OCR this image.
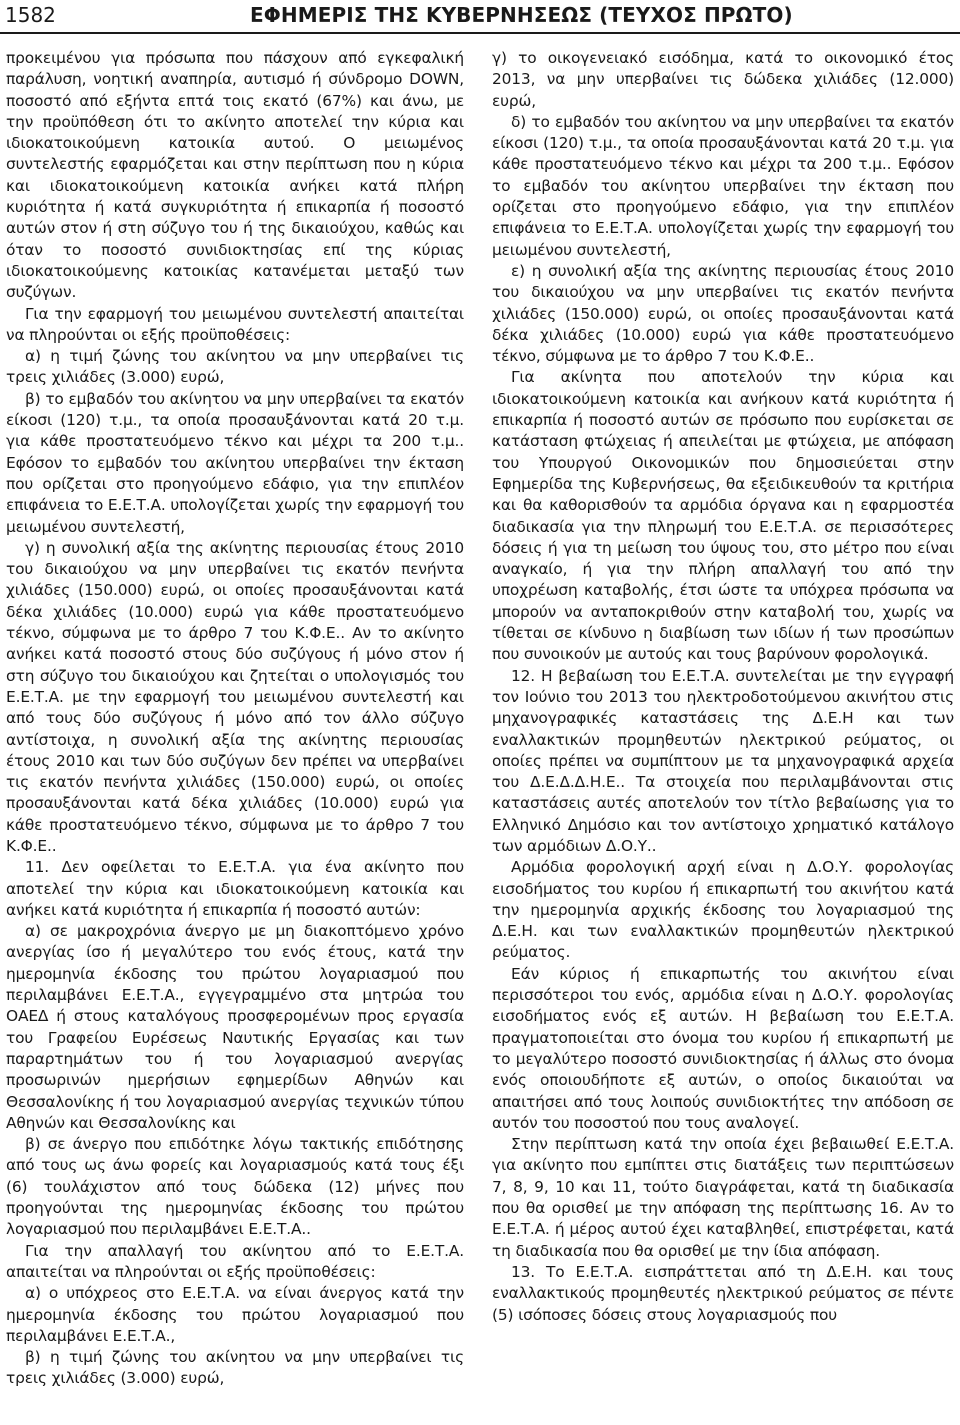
1582	ΕΦΗΜΕΡΙΣ ΤΗΣ ΚΥΒΕΡΝΗΣΕΩΣ (ΤΕΥΧΟΣ ΠΡΩΤΟ)

προκειμένου για πρόσωπα που πάσχουν από εγκεφαλική παράλυση, νοητική αναπηρία, αυτισμό ή σύνδρομο DOWN, ποσοστό από εξήντα επτά τοις εκατό (67%) και άνω, με την προϋπόθεση ότι το ακίνητο αποτελεί την κύρια και ιδιοκατοικούμενη κατοικία αυτού. Ο μειωμένος συντελεστής εφαρμόζεται και στην περίπτωση που η κύρια και ιδιοκατοικούμενη κατοικία ανήκει κατά πλήρη κυριότητα ή κατά συγκυριότητα ή επικαρπία ή ποσοστό αυτών στον ή στη σύζυγο του ή της δικαιούχου, καθώς και όταν το ποσοστό συνιδιοκτησίας επί της κύριας ιδιοκατοικούμενης κατοικίας κατανέμεται μεταξύ των συζύγων.

Για την εφαρμογή του μειωμένου συντελεστή απαιτείται να πληρούνται οι εξής προϋποθέσεις:

α) η τιμή ζώνης του ακίνητου να μην υπερβαίνει τις τρεις χιλιάδες (3.000) ευρώ,

β) το εμβαδόν του ακίνητου να μην υπερβαίνει τα εκατόν είκοσι (120) τ.μ., τα οποία προσαυξάνονται κατά 20 τ.μ. για κάθε προστατευόμενο τέκνο και μέχρι τα 200 τ.μ.. Εφόσον το εμβαδόν του ακίνητου υπερβαίνει την έκταση που ορίζεται στο προηγούμενο εδάφιο, για την επιπλέον επιφάνεια το Ε.Ε.Τ.Α. υπολογίζεται χωρίς την εφαρμογή του μειωμένου συντελεστή,

γ) η συνολική αξία της ακίνητης περιουσίας έτους 2010 του δικαιούχου να μην υπερβαίνει τις εκατόν πενήντα χιλιάδες (150.000) ευρώ, οι οποίες προσαυξάνονται κατά δέκα χιλιάδες (10.000) ευρώ για κάθε προστατευόμενο τέκνο, σύμφωνα με το άρθρο 7 του Κ.Φ.Ε.. Αν το ακίνητο ανήκει κατά ποσοστό στους δύο συζύγους ή μόνο στον ή στη σύζυγο του δικαιούχου και ζητείται ο υπολογισμός του Ε.Ε.Τ.Α. με την εφαρμογή του μειωμένου συντελεστή και από τους δύο συζύγους ή μόνο από τον άλλο σύζυγο αντίστοιχα, η συνολική αξία της ακίνητης περιουσίας έτους 2010 και των δύο συζύγων δεν πρέπει να υπερβαίνει τις εκατόν πενήντα χιλιάδες (150.000) ευρώ, οι οποίες προσαυξάνονται κατά δέκα χιλιάδες (10.000) ευρώ για κάθε προστατευόμενο τέκνο, σύμφωνα με το άρθρο 7 του Κ.Φ.Ε..

11. Δεν οφείλεται το Ε.Ε.Τ.Α. για ένα ακίνητο που αποτελεί την κύρια και ιδιοκατοικούμενη κατοικία και ανήκει κατά κυριότητα ή επικαρπία ή ποσοστό αυτών:

α) σε μακροχρόνια άνεργο με μη διακοπτόμενο χρόνο ανεργίας ίσο ή μεγαλύτερο του ενός έτους, κατά την ημερομηνία έκδοσης του πρώτου λογαριασμού που περιλαμβάνει Ε.Ε.Τ.Α., εγγεγραμμένο στα μητρώα του ΟΑΕΔ ή στους καταλόγους προσφερομένων προς εργασία του Γραφείου Ευρέσεως Ναυτικής Εργασίας και των παραρτημάτων του ή του λογαριασμού ανεργίας προσωρινών ημερήσιων εφημερίδων Αθηνών και Θεσσαλονίκης ή του λογαριασμού ανεργίας τεχνικών τύπου Αθηνών και Θεσσαλονίκης και

β) σε άνεργο που επιδότηκε λόγω τακτικής επιδότησης από τους ως άνω φορείς και λογαριασμούς κατά τους έξι (6) τουλάχιστον από τους δώδεκα (12) μήνες που προηγούνται της ημερομηνίας έκδοσης του πρώτου λογαριασμού που περιλαμβάνει Ε.Ε.Τ.Α..

Για την απαλλαγή του ακίνητου από το Ε.Ε.Τ.Α. απαιτείται να πληρούνται οι εξής προϋποθέσεις:

α) ο υπόχρεος στο Ε.Ε.Τ.Α. να είναι άνεργος κατά την ημερομηνία έκδοσης του πρώτου λογαριασμού που περιλαμβάνει Ε.Ε.Τ.Α.,

β) η τιμή ζώνης του ακίνητου να μην υπερβαίνει τις τρεις χιλιάδες (3.000) ευρώ,

γ) το οικογενειακό εισόδημα, κατά το οικονομικό έτος 2013, να μην υπερβαίνει τις δώδεκα χιλιάδες (12.000) ευρώ,

δ) το εμβαδόν του ακίνητου να μην υπερβαίνει τα εκατόν είκοσι (120) τ.μ., τα οποία προσαυξάνονται κατά 20 τ.μ. για κάθε προστατευόμενο τέκνο και μέχρι τα 200 τ.μ.. Εφόσον το εμβαδόν του ακίνητου υπερβαίνει την έκταση που ορίζεται στο προηγούμενο εδάφιο, για την επιπλέον επιφάνεια το Ε.Ε.Τ.Α. υπολογίζεται χωρίς την εφαρμογή του μειωμένου συντελεστή,

ε) η συνολική αξία της ακίνητης περιουσίας έτους 2010 του δικαιούχου να μην υπερβαίνει τις εκατόν πενήντα χιλιάδες (150.000) ευρώ, οι οποίες προσαυξάνονται κατά δέκα χιλιάδες (10.000) ευρώ για κάθε προστατευόμενο τέκνο, σύμφωνα με το άρθρο 7 του Κ.Φ.Ε..

Για ακίνητα που αποτελούν την κύρια και ιδιοκατοικούμενη κατοικία και ανήκουν κατά κυριότητα ή επικαρπία ή ποσοστό αυτών σε πρόσωπο που ευρίσκεται σε κατάσταση φτώχειας ή απειλείται με φτώχεια, με απόφαση του Υπουργού Οικονομικών που δημοσιεύεται στην Εφημερίδα της Κυβερνήσεως, θα εξειδικευθούν τα κριτήρια και θα καθορισθούν τα αρμόδια όργανα και η εφαρμοστέα διαδικασία για την πληρωμή του Ε.Ε.Τ.Α. σε περισσότερες δόσεις ή για τη μείωση του ύψους του, στο μέτρο που είναι αναγκαίο, ή για την πλήρη απαλλαγή του από την υποχρέωση καταβολής, έτσι ώστε τα υπόχρεα πρόσωπα να μπορούν να ανταποκριθούν στην καταβολή του, χωρίς να τίθεται σε κίνδυνο η διαβίωση των ιδίων ή των προσώπων που συνοικούν με αυτούς και τους βαρύνουν φορολογικά.

12. Η βεβαίωση του Ε.Ε.Τ.Α. συντελείται με την εγγραφή τον Ιούνιο του 2013 του ηλεκτροδοτούμενου ακινήτου στις μηχανογραφικές καταστάσεις της Δ.Ε.Η και των εναλλακτικών προμηθευτών ηλεκτρικού ρεύματος, οι οποίες πρέπει να συμπίπτουν με τα μηχανογραφικά αρχεία του Δ.Ε.Δ.Δ.Η.Ε.. Τα στοιχεία που περιλαμβάνονται στις καταστάσεις αυτές αποτελούν τον τίτλο βεβαίωσης για το Ελληνικό Δημόσιο και τον αντίστοιχο χρηματικό κατάλογο των αρμόδιων Δ.Ο.Υ..

Αρμόδια φορολογική αρχή είναι η Δ.Ο.Υ. φορολογίας εισοδήματος του κυρίου ή επικαρπωτή του ακινήτου κατά την ημερομηνία αρχικής έκδοσης του λογαριασμού της Δ.Ε.Η. και των εναλλακτικών προμηθευτών ηλεκτρικού ρεύματος.

Εάν κύριος ή επικαρπωτής του ακινήτου είναι περισσότεροι του ενός, αρμόδια είναι η Δ.Ο.Υ. φορολογίας εισοδήματος ενός εξ αυτών. Η βεβαίωση του Ε.Ε.Τ.Α. πραγματοποιείται στο όνομα του κυρίου ή επικαρπωτή με το μεγαλύτερο ποσοστό συνιδιοκτησίας ή άλλως στο όνομα ενός οποιουδήποτε εξ αυτών, ο οποίος δικαιούται να απαιτήσει από τους λοιπούς συνιδιοκτήτες την απόδοση σε αυτόν του ποσοστού που τους αναλογεί.

Στην περίπτωση κατά την οποία έχει βεβαιωθεί Ε.Ε.Τ.Α. για ακίνητο που εμπίπτει στις διατάξεις των περιπτώσεων 7, 8, 9, 10 και 11, τούτο διαγράφεται, κατά τη διαδικασία που θα ορισθεί με την απόφαση της περίπτωσης 16. Αν το Ε.Ε.Τ.Α. ή μέρος αυτού έχει καταβληθεί, επιστρέφεται, κατά τη διαδικασία που θα ορισθεί με την ίδια απόφαση.

13. Το Ε.Ε.Τ.Α. εισπράττεται από τη Δ.Ε.Η. και τους εναλλακτικούς προμηθευτές ηλεκτρικού ρεύματος σε πέντε (5) ισόποσες δόσεις στους λογαριασμούς που
